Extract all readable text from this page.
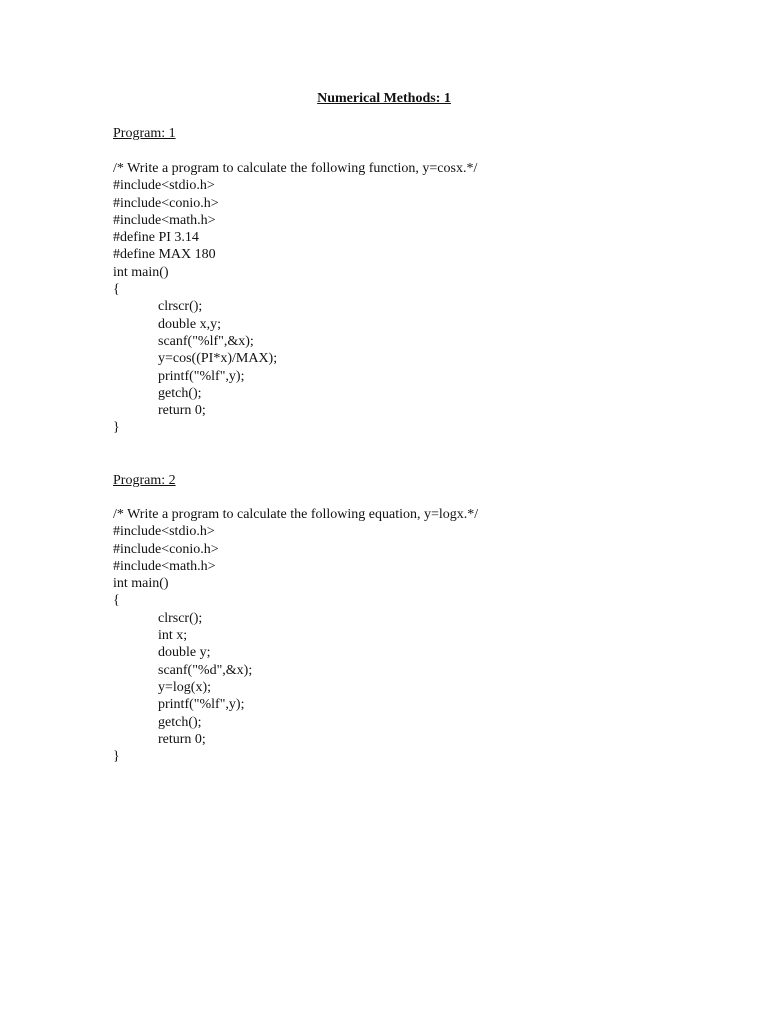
Numerical Methods: 1
Program: 1
/* Write a program to calculate the following function, y=cosx.*/
#include<stdio.h>
#include<conio.h>
#include<math.h>
#define PI 3.14
#define MAX 180
int main()
{
clrscr();
double x,y;
scanf("%lf",&x);
y=cos((PI*x)/MAX);
printf("%lf",y);
getch();
return 0;
}
Program: 2
/* Write a program to calculate the following equation, y=logx.*/
#include<stdio.h>
#include<conio.h>
#include<math.h>
int main()
{
clrscr();
int x;
double y;
scanf("%d",&x);
y=log(x);
printf("%lf",y);
getch();
return 0;
}
